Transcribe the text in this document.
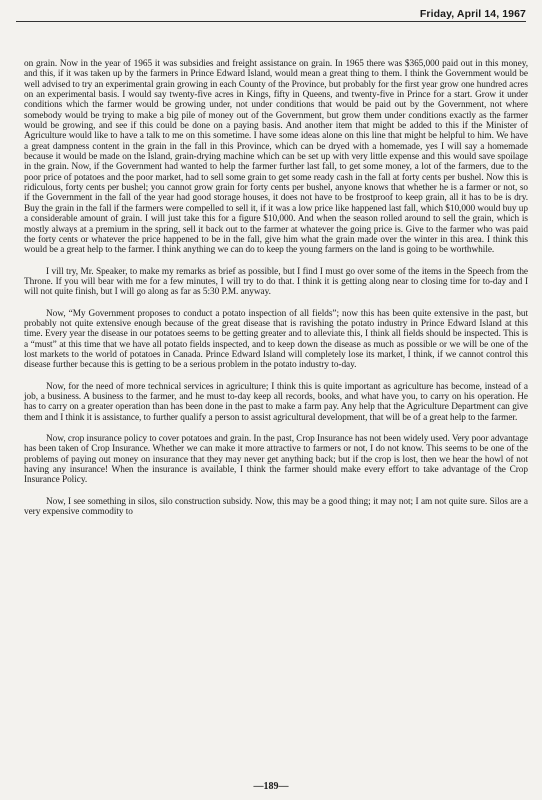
Friday, April 14, 1967

on grain. Now in the year of 1965 it was subsidies and freight assistance on grain. In 1965 there was $365,000 paid out in this money, and this, if it was taken up by the farmers in Prince Edward Island, would mean a great thing to them. I think the Government would be well advised to try an experimental grain growing in each County of the Province, but probably for the first year grow one hundred acres on an experimental basis. I would say twenty-five acres in Kings, fifty in Queens, and twenty-five in Prince for a start. Grow it under conditions which the farmer would be growing under, not under conditions that would be paid out by the Government, not where somebody would be trying to make a big pile of money out of the Government, but grow them under conditions exactly as the farmer would be growing, and see if this could be done on a paying basis. And another item that might be added to this if the Minister of Agriculture would like to have a talk to me on this sometime. I have some ideas alone on this line that might be helpful to him. We have a great dampness content in the grain in the fall in this Province, which can be dryed with a homemade, yes I will say a homemade because it would be made on the Island, grain-drying machine which can be set up with very little expense and this would save spoilage in the grain. Now, if the Government had wanted to help the farmer further last fall, to get some money, a lot of the farmers, due to the poor price of potatoes and the poor market, had to sell some grain to get some ready cash in the fall at forty cents per bushel. Now this is ridiculous, forty cents per bushel; you cannot grow grain for forty cents per bushel, anyone knows that whether he is a farmer or not, so if the Government in the fall of the year had good storage houses, it does not have to be frostproof to keep grain, all it has to be is dry. Buy the grain in the fall if the farmers were compelled to sell it, if it was a low price like happened last fall, which $10,000 would buy up a considerable amount of grain. I will just take this for a figure $10,000. And when the season rolled around to sell the grain, which is mostly always at a premium in the spring, sell it back out to the farmer at whatever the going price is. Give to the farmer who was paid the forty cents or whatever the price happened to be in the fall, give him what the grain made over the winter in this area. I think this would be a great help to the farmer. I think anything we can do to keep the young farmers on the land is going to be worthwhile.

I vill try, Mr. Speaker, to make my remarks as brief as possible, but I find I must go over some of the items in the Speech from the Throne. If you will bear with me for a few minutes, I will try to do that. I think it is getting along near to closing time for to-day and I will not quite finish, but I will go along as far as 5:30 P.M. anyway.

Now, “My Government proposes to conduct a potato inspection of all fields”; now this has been quite extensive in the past, but probably not quite extensive enough because of the great disease that is ravishing the potato industry in Prince Edward Island at this time. Every year the disease in our potatoes seems to be getting greater and to alleviate this, I think all fields should be inspected. This is a “must” at this time that we have all potato fields inspected, and to keep down the disease as much as possible or we will be one of the lost markets to the world of potatoes in Canada. Prince Edward Island will completely lose its market, I think, if we cannot control this disease further because this is getting to be a serious problem in the potato industry to-day.

Now, for the need of more technical services in agriculture; I think this is quite important as agriculture has become, instead of a job, a business. A business to the farmer, and he must to-day keep all records, books, and what have you, to carry on his operation. He has to carry on a greater operation than has been done in the past to make a farm pay. Any help that the Agriculture Department can give them and I think it is assistance, to further qualify a person to assist agricultural development, that will be of a great help to the farmer.

Now, crop insurance policy to cover potatoes and grain. In the past, Crop Insurance has not been widely used. Very poor advantage has been taken of Crop Insurance. Whether we can make it more attractive to farmers or not, I do not know. This seems to be one of the problems of paying out money on insurance that they may never get anything back; but if the crop is lost, then we hear the howl of not having any insurance! When the insurance is available, I think the farmer should make every effort to take advantage of the Crop Insurance Policy.

Now, I see something in silos, silo construction subsidy. Now, this may be a good thing; it may not; I am not quite sure. Silos are a very expensive commodity to

—189—
